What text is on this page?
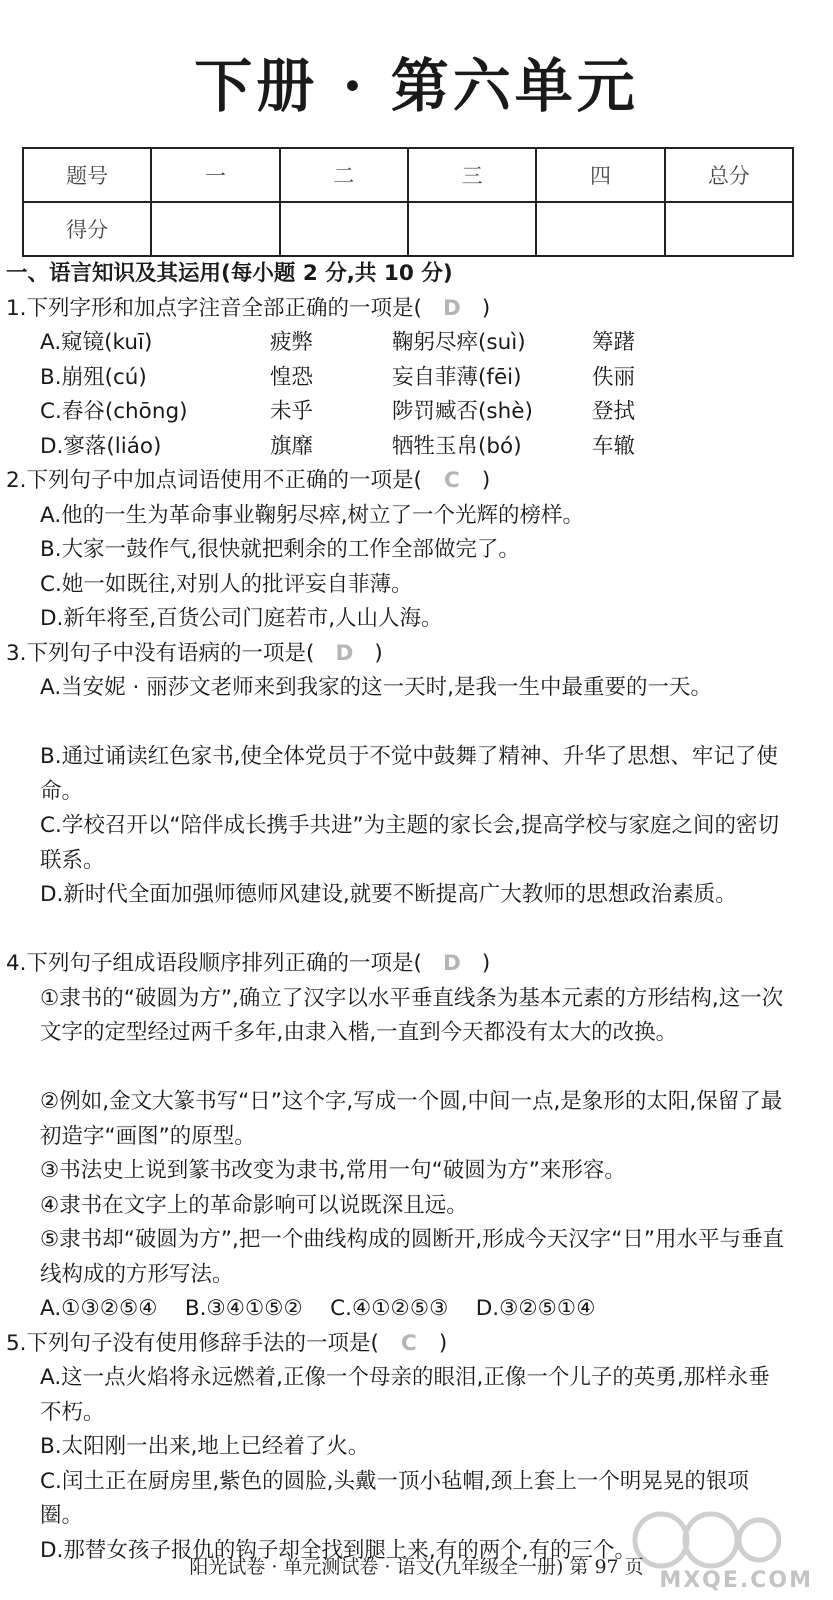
下册 · 第六单元
题号	一	二	三	四	总分
得分					
一、语言知识及其运用(每小题 2 分,共 10 分)
1.下列字形和加点字注音全部正确的一项是( D )
A.窥镜(kuī)	疲弊	鞠躬尽瘁(suì)	筹躇
B.崩殂(cú)	惶恐	妄自菲薄(fēi)	佚丽
C.舂谷(chōng)	未乎	陟罚臧否(shè)	登拭
D.寥落(liáo)	旗靡	牺牲玉帛(bó)	车辙
2.下列句子中加点词语使用不正确的一项是( C )
A.他的一生为革命事业鞠躬尽瘁,树立了一个光辉的榜样。
B.大家一鼓作气,很快就把剩余的工作全部做完了。
C.她一如既往,对别人的批评妄自菲薄。
D.新年将至,百货公司门庭若市,人山人海。
3.下列句子中没有语病的一项是( D )
A.当安妮 · 丽莎文老师来到我家的这一天时,是我一生中最重要的一天。
B.通过诵读红色家书,使全体党员于不觉中鼓舞了精神、升华了思想、牢记了使命。
C.学校召开以“陪伴成长携手共进”为主题的家长会,提高学校与家庭之间的密切联系。
D.新时代全面加强师德师风建设,就要不断提高广大教师的思想政治素质。
4.下列句子组成语段顺序排列正确的一项是( D )
①隶书的“破圆为方”,确立了汉字以水平垂直线条为基本元素的方形结构,这一次文字的定型经过两千多年,由隶入楷,一直到今天都没有太大的改换。
②例如,金文大篆书写“日”这个字,写成一个圆,中间一点,是象形的太阳,保留了最初造字“画图”的原型。
③书法史上说到篆书改变为隶书,常用一句“破圆为方”来形容。
④隶书在文字上的革命影响可以说既深且远。
⑤隶书却“破圆为方”,把一个曲线构成的圆断开,形成今天汉字“日”用水平与垂直线构成的方形写法。
A.①③②⑤④    B.③④①⑤②    C.④①②⑤③    D.③②⑤①④
5.下列句子没有使用修辞手法的一项是( C )
A.这一点火焰将永远燃着,正像一个母亲的眼泪,正像一个儿子的英勇,那样永垂不朽。
B.太阳刚一出来,地上已经着了火。
C.闰土正在厨房里,紫色的圆脸,头戴一顶小毡帽,颈上套上一个明晃晃的银项圈。
D.那替女孩子报仇的钩子却全找到腿上来,有的两个,有的三个。
阳光试卷 · 单元测试卷 · 语文(九年级全一册) 第 97 页
MXQE.COM
